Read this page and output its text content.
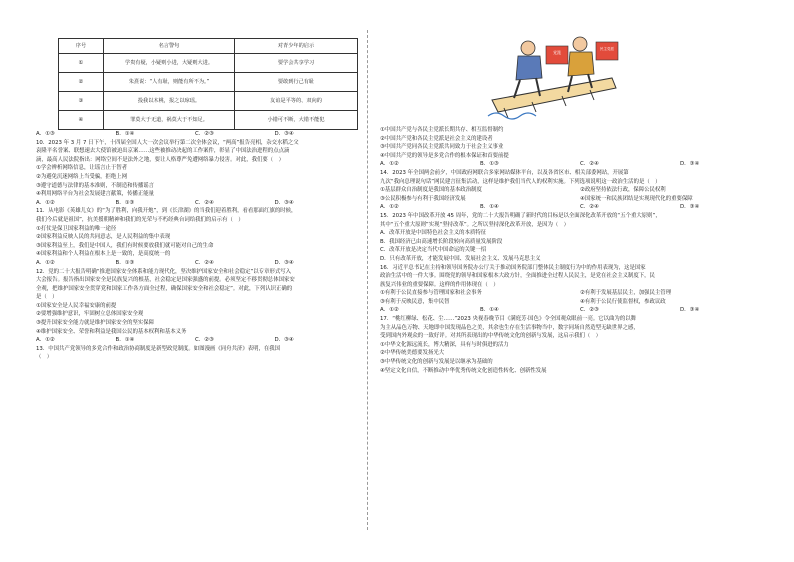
序号	名言警句	对青少年的启示
①	学贵有疑，小疑则小进，大疑则大进。	要学会共享学习
②	朱熹说：“人有耻，则能有所不为。”	要敢到行己有耻
③	投我以木桃，报之以琼瑶。	友谊是平等的、双向的
④	罪莫大于无道，祸莫大于不知足。	小错可不断，大错不能犯
A．①③	B．①④	C．②③	D．③④

10．2023 年 3 月 7 日下午，十四届全国人大一次会议举行第二次全体会议，“两高”报告亮相，杂交水稻之父

袁隆平名誉案、联想速去大使馆被迫出京案……这些被推动决起的工作案件，彰显了中国法治进程的点点滴

滴，最高人民法院指出：网络空间不是法外之地，要让人格尊严免遭网络暴力侵害。对此，我们要（　）

①学会辨析网络信息，让谣言止于智者

②为避免沉迷网络上当受骗，拒绝上网

③遵守道德与法律的基本准则，不制造和传播谣言

④利用网络平台为社会发展建言献策，传播正能量

A．①②	B．①③	C．②④	D．③④

11．从电影《英雄儿女》的“为了胜利，向我开炮”，到《长津湖》的当我们迎着胜利，看看那面红旗的时候，

我们今后就是祖国”，抗美援朝精神和我们的光荣与不朽经典台词给我们的启示有（　）

①打仗是保卫国家利益的唯一途径

②国家利益反映人民的共同意志，是人民利益的集中表现

③国家利益至上，我们是中国人，我们有时候要放我们就可能对自己的生命

④国家利益和个人利益在根本上是一致的，是高度统一的

A．①②	B．①③	C．②④	D．③④

12．党的二十大报告明确“推进国家安全体系和能力现代化，坚决维护国家安全和社会稳定”以专章形式写入

大会报告。报告指出国家安全是民族复兴的根基，社会稳定是国家强盛的前提。必须坚定不移贯彻总体国家安

全观，把维护国家安全贯穿党和国家工作各方面全过程，确保国家安全和社会稳定”。对此，下列认识正确的

是（　）

①国家安全是人民幸福安康的前提

②要增强维护意识，牢固树立总体国家安全观

③提升国家安全能力就是维护国家安全的坚实保障

④维护国家安全、荣誉和利益是我国公民的基本权利和基本义务

A．①②	B．①④	C．②③	D．③④

13．中国共产党领导的多党合作和政治协商制度是新型政党制度。如图漫画《同舟共济》表明，在我国

（　）

党派
民主党派

①中国共产党与各民主党派长期共存、相互监督制约

②中国共产党和各民主党派是社会主义的建设者

③中国共产党同各民主党派共同致力于社会主义事业

④中国共产党的领导是多党合作的根本保证和首要前提

A．①②	B．①③	C．②④	D．③④

14．2023 年全国两会前夕，中国政府网联合多家网站媒体平台，以及各省区市、相关部委网站，开展第

九次“我向总理说句话”网民建言征集活动，这样是维护我们当代人的权利实施。下列选项说明这一政治生活的是（　）

①基层群众自治制度是我国的基本政治制度	②政府坚持依法行政，保障公民权利
③公民积极参与有利于我国经济发展	④国家统一和民族团结是实现现代化的重要保障
A．①②	B．①④	C．②④	D．③④

15．2023 年中国改革开放 45 周年，党的二十大报告明确了新时代的目标是以全面深化改革开放的“五个重大原则”，

其中“五个重大原则”实现“坚持改革”。之所以坚持深化改革开放，是因为（　）

A．改革开放是中国特色社会主义的本质特征

B．我国经济已由高速增长阶段转向高质量发展阶段

C．改革开放是决定当代中国命运的关键一招

D．只有改革开放，才能发展中国、发展社会主义、发展马克思主义

16．习近平总书记在主持和领导国务院办公厅关于推动国务院部门整体民主制度行为中的作用表现为，这是国家

政治生活中的一件大事。围绕党的领导和国家根本大政方针，全面推进全过程人民民主，是党在社会主义制度下，民

族复兴伟业的重要保障。这样的作用体现在（　）

①有利于公民直接参与管理国家和社会事务	②有利于发展基层民主，加强民主管理
③有利于反映民意，集中民智	④有利于公民行使监督权，参政议政
A．①②	B．①④	C．②③	D．③④

17．“桃红柳绿、松花、尘……”2023 央视春晚节目《满庭芳·国色》令全国观众眼前一亮。它以曲为的以舞

为主从品色万物、天地即中国发现品色之美，其余也生存在生活事物当中，数字同场自然造型无缺世界之感，

受到国内外观众的一致好评。对其所表现出的中华传统文化的创新与发展，这启示我们（　）

①中华文化源远流长，博大精深，具有与时俱进的活力

②中华传统美德要发扬光大

③中华传统文化的创新与发展是以继承为基础的

④坚定文化自信，不断推动中华优秀传统文化创造性转化、创新性发展
